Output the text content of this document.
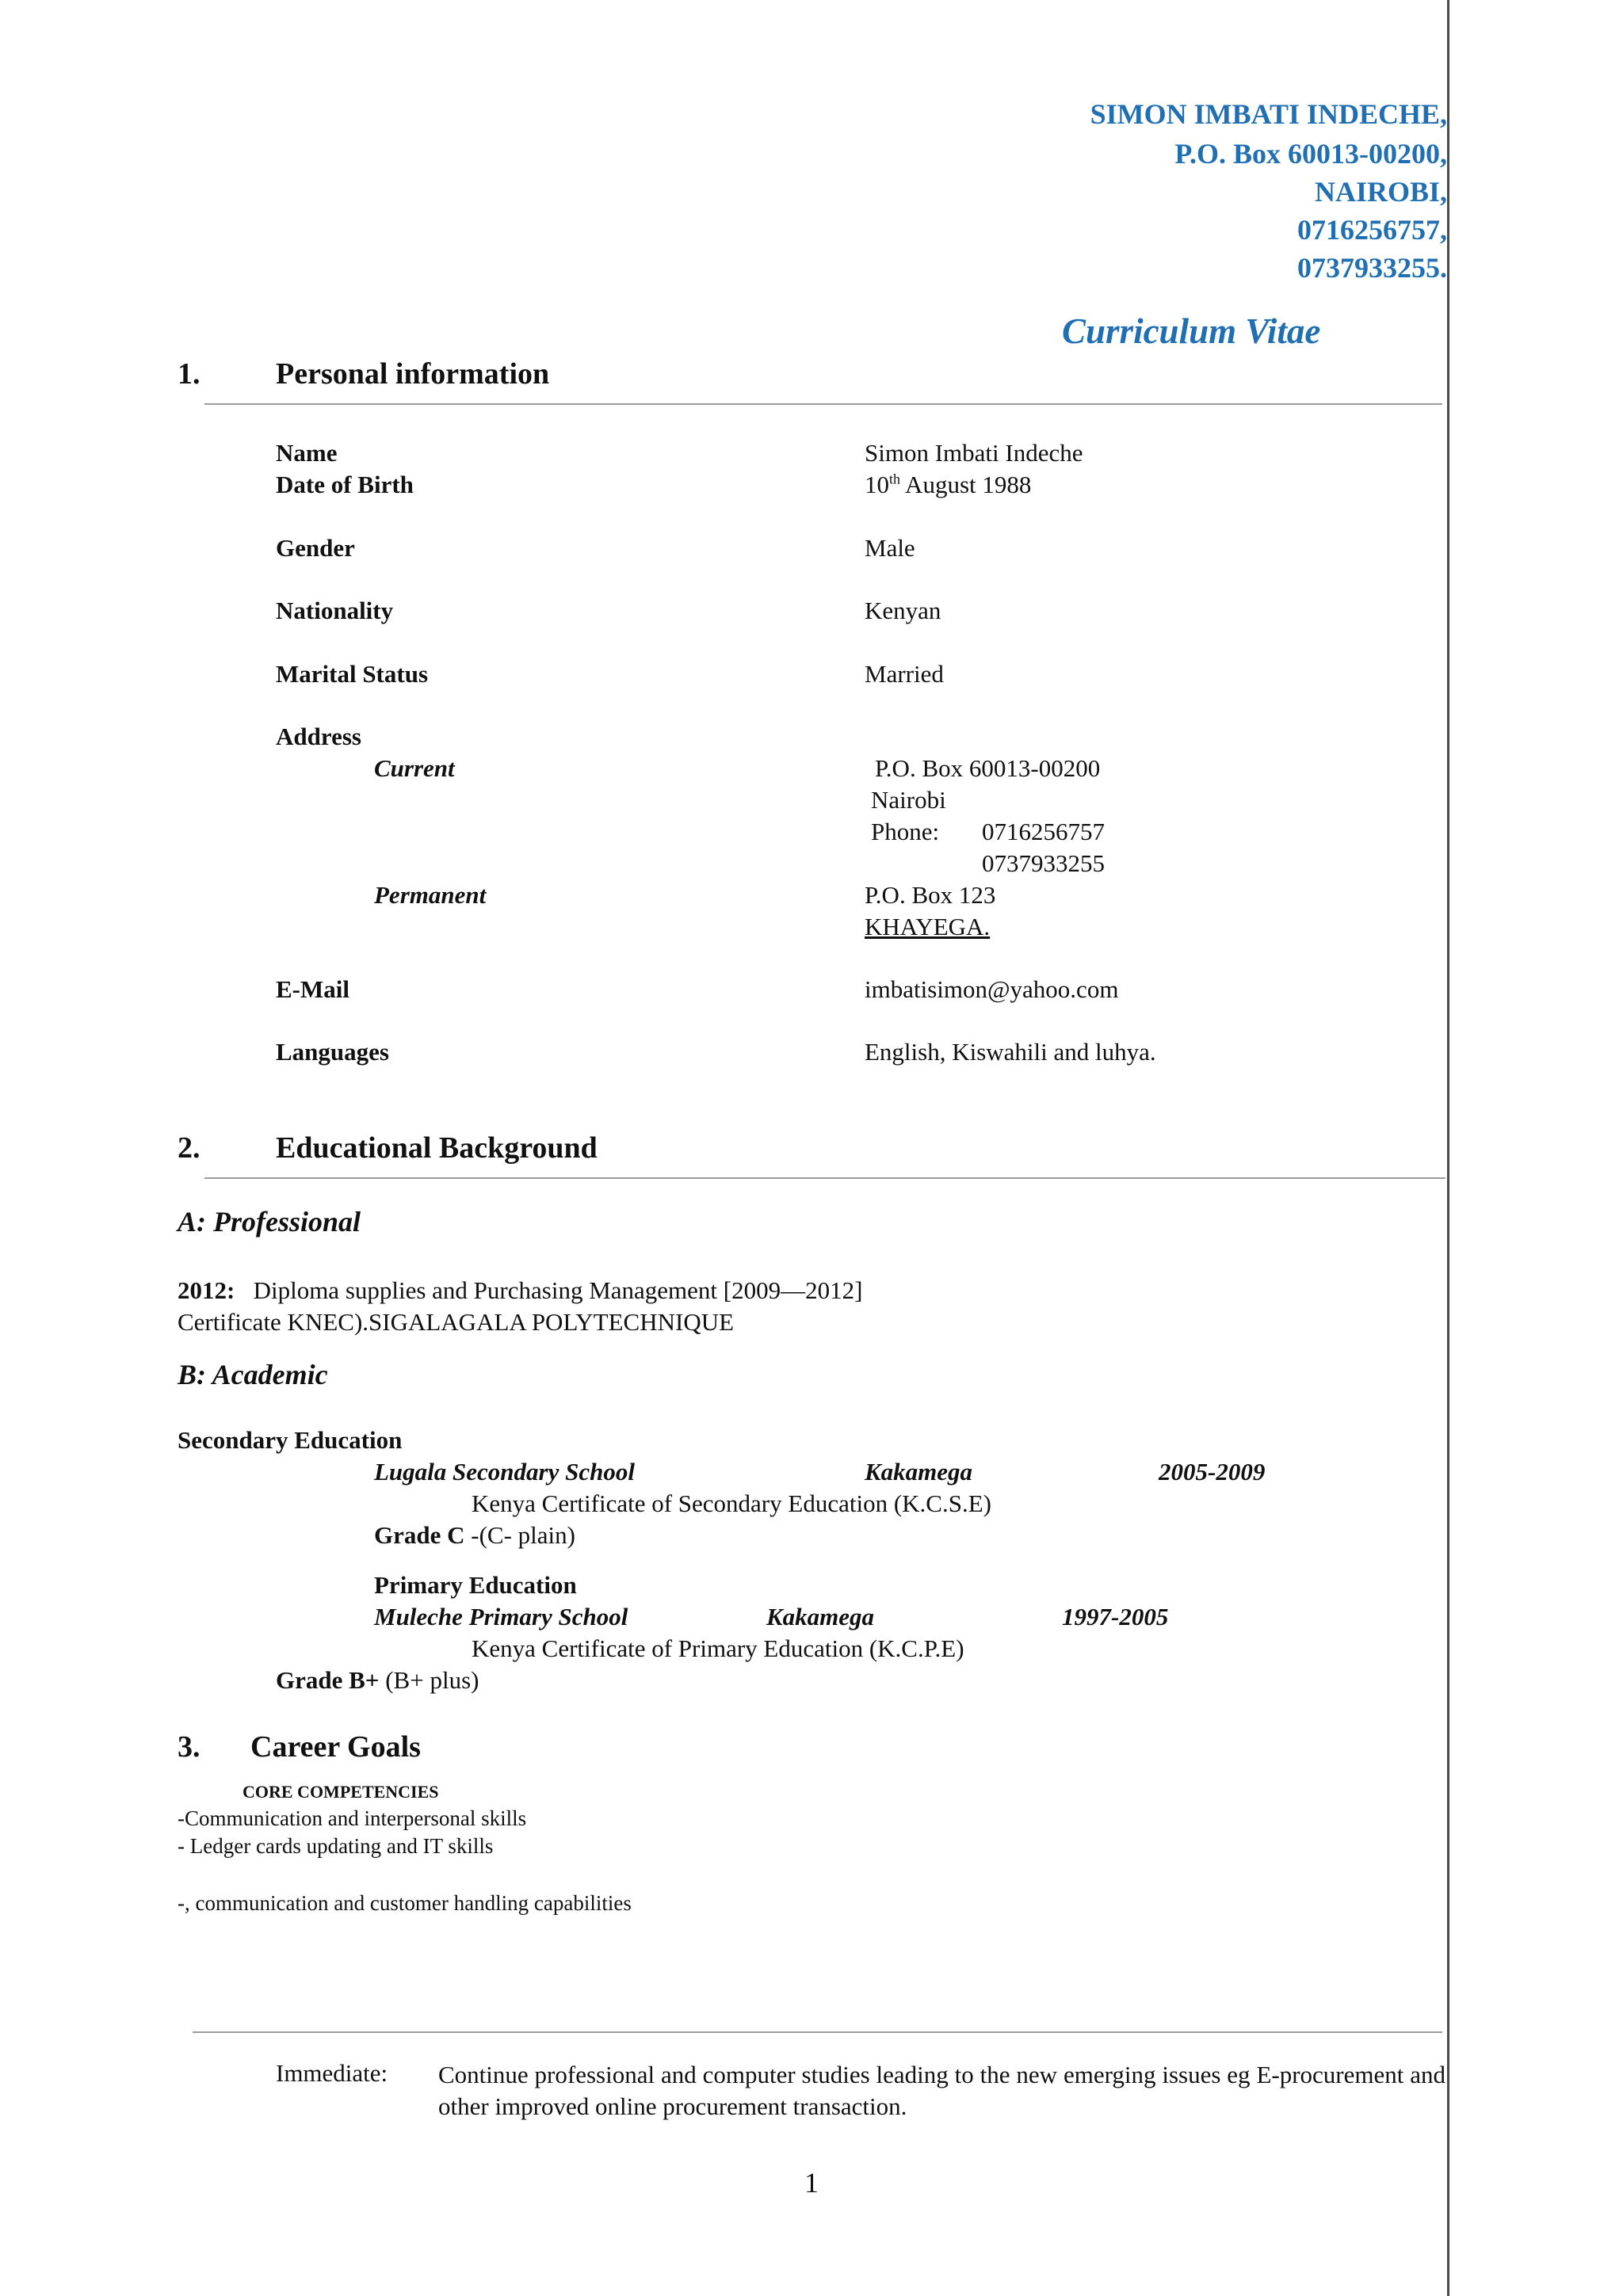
SIMON IMBATI INDECHE,
P.O. Box 60013-00200,
NAIROBI,
0716256757,
0737933255.
Curriculum Vitae
1.	Personal information
Name	Simon Imbati Indeche
Date of Birth	10th August 1988
Gender	Male
Nationality	Kenyan
Marital Status	Married
Address
Current	P.O. Box 60013-00200
Nairobi
Phone: 0716256757
0737933255
Permanent	P.O. Box 123
KHAYEGA.
E-Mail	imbatisimon@yahoo.com
Languages	English, Kiswahili and luhya.
2.	Educational Background
A: Professional
2012: Diploma supplies and Purchasing Management [2009—2012]
Certificate KNEC).SIGALAGALA POLYTECHNIQUE
B: Academic
Secondary Education
Lugala Secondary School	Kakamega	2005-2009
Kenya Certificate of Secondary Education (K.C.S.E)
Grade C -(C- plain)
Primary Education
Muleche Primary School	Kakamega	1997-2005
Kenya Certificate of Primary Education (K.C.P.E)
Grade B+ (B+ plus)
3. Career Goals
CORE COMPETENCIES
-Communication and interpersonal skills
- Ledger cards updating and IT skills
-, communication and customer handling capabilities
Immediate: Continue professional and computer studies leading to the new emerging issues eg E-procurement and other improved online procurement transaction.
1
